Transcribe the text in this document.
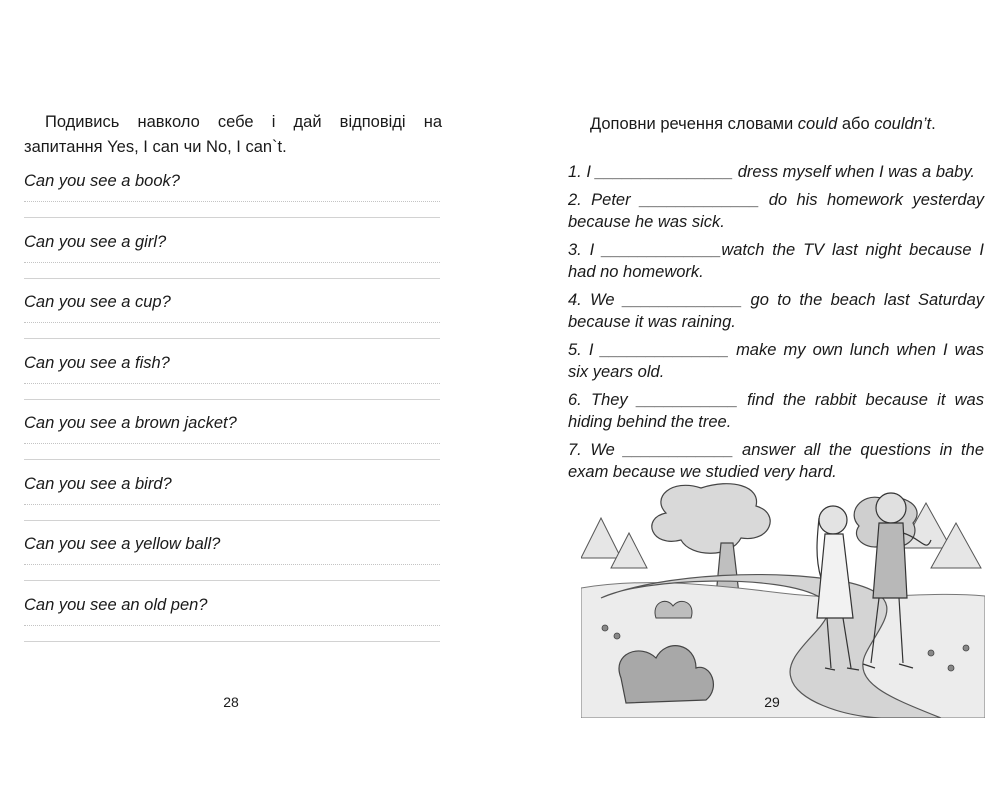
Подивись навколо себе і дай відповіді на запитання Yes, I can чи No, I can`t.
Can you see a book?
Can you see a girl?
Can you see a cup?
Can you see a fish?
Can you see a brown jacket?
Can you see a bird?
Can you see a yellow ball?
Can you see an old pen?
28
Доповни речення словами could або couldn’t.
1. I _______________ dress myself when I was a baby.
2. Peter _____________ do his homework yesterday because he was sick.
3. I _____________watch the TV last night because I had no homework.
4. We _____________ go to the beach last Saturday because it was raining.
5. I ______________ make my own lunch when I was six years old.
6. They ___________ find the rabbit because it was hiding behind the tree.
7. We ____________ answer all the questions in the exam because we studied very hard.
29
